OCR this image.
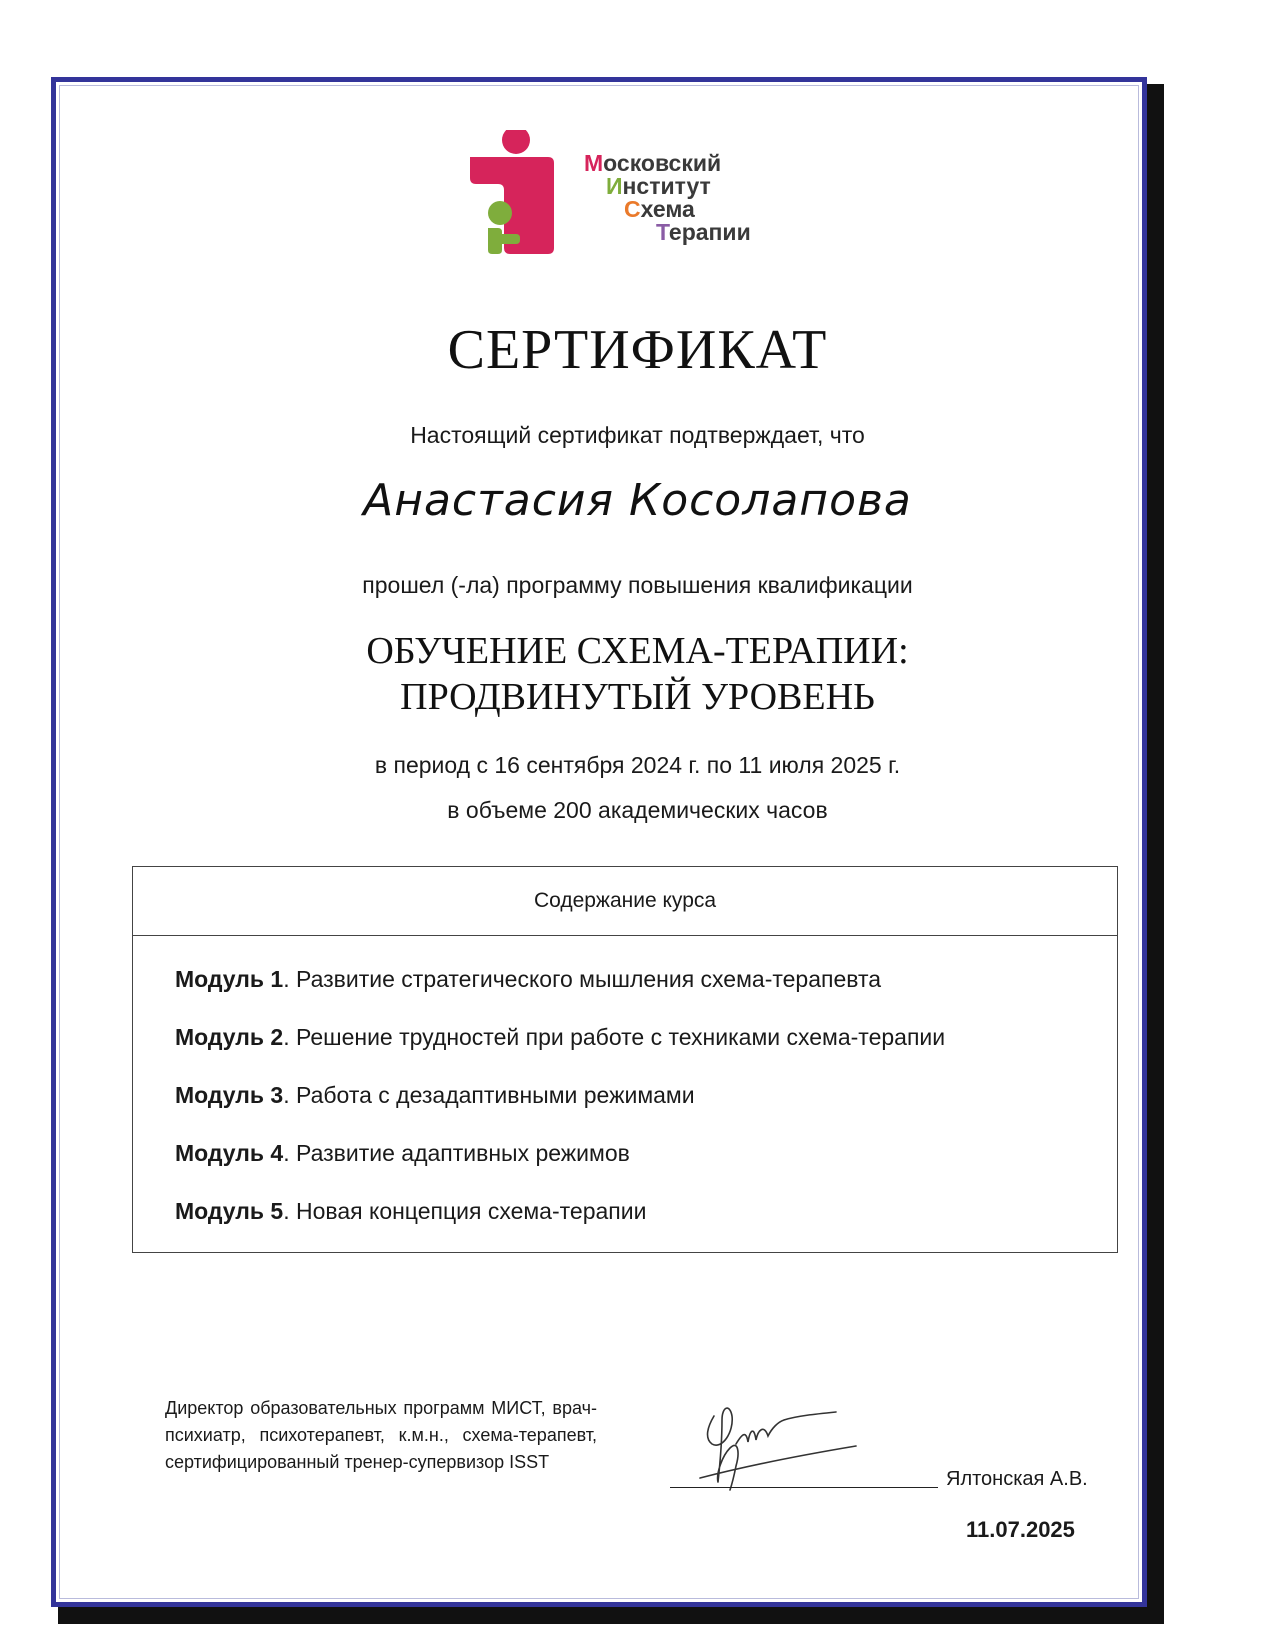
Московский
Институт
Схема
Терапии
СЕРТИФИКАТ
Настоящий сертификат подтверждает, что
Анастасия Косолапова
прошел (-ла) программу повышения квалификации
ОБУЧЕНИЕ СХЕМА-ТЕРАПИИ:
ПРОДВИНУТЫЙ УРОВЕНЬ
в период с 16 сентября 2024 г. по 11 июля 2025 г.
в объеме 200 академических часов
Содержание курса
Модуль 1. Развитие стратегического мышления схема-терапевта
Модуль 2. Решение трудностей при работе с техниками схема-терапии
Модуль 3. Работа с дезадаптивными режимами
Модуль 4. Развитие адаптивных режимов
Модуль 5. Новая концепция схема-терапии
Директор образовательных программ МИСТ, врач-психиатр, психотерапевт, к.м.н., схема-терапевт, сертифицированный тренер-супервизор ISST
Ялтонская А.В.
11.07.2025
